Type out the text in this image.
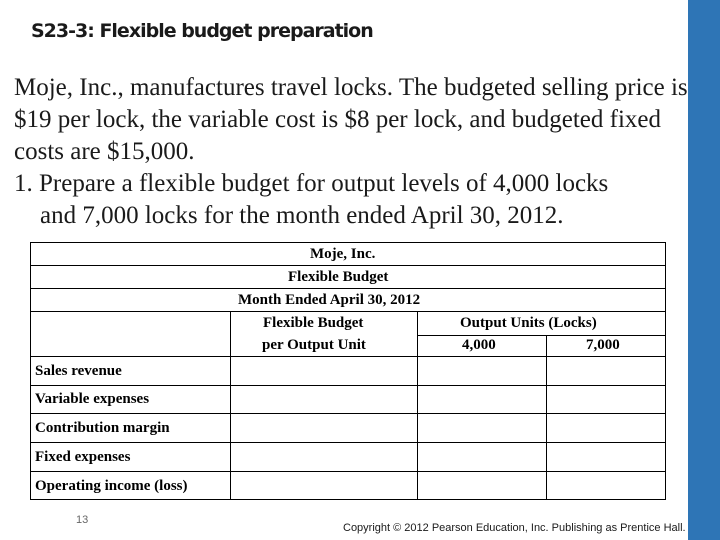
S23-3: Flexible budget preparation

Moje, Inc., manufactures travel locks. The budgeted selling price is $19 per lock, the variable cost is $8 per lock, and budgeted fixed costs are $15,000.

1. Prepare a flexible budget for output levels of 4,000 locks

and 7,000 locks for the month ended April 30, 2012.

Moje, Inc.
Flexible Budget
Month Ended April 30, 2012
Flexible Budget
per Output Unit
Output Units (Locks)
4,000	7,000
Sales revenue
Variable expenses
Contribution margin
Fixed expenses
Operating income (loss)
13
Copyright © 2012 Pearson Education, Inc. Publishing as Prentice Hall.
